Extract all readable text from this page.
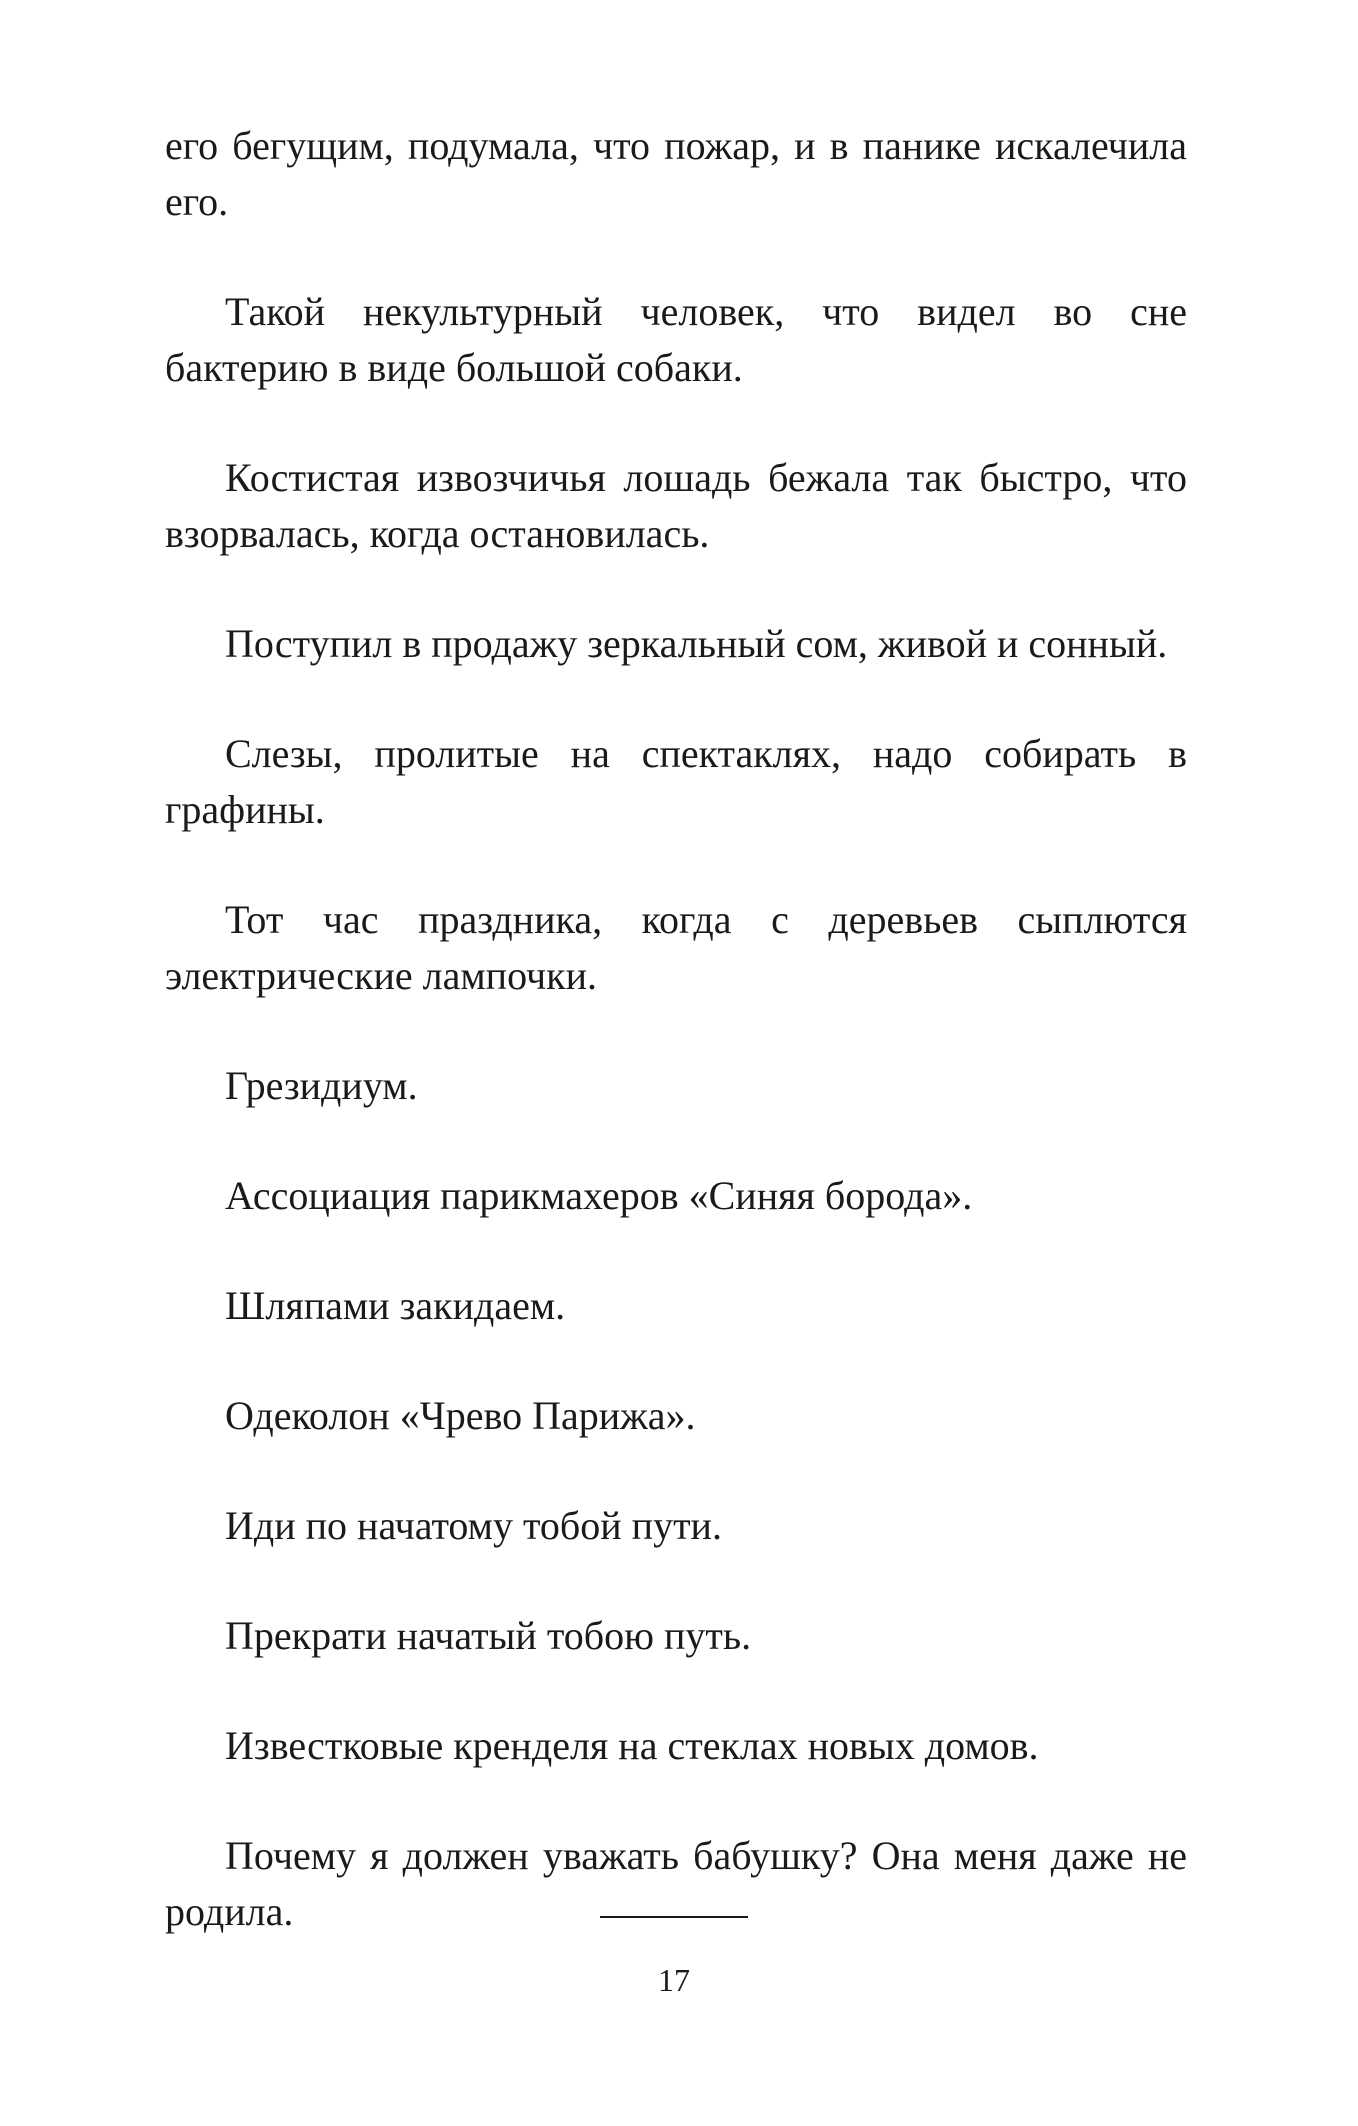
его бегущим, подумала, что пожар, и в панике искалечила его.

Такой некультурный человек, что видел во сне бактерию в виде большой собаки.

Костистая извозчичья лошадь бежала так быстро, что взорвалась, когда остановилась.

Поступил в продажу зеркальный сом, живой и сонный.

Слезы, пролитые на спектаклях, надо собирать в графины.

Тот час праздника, когда с деревьев сыплются электрические лампочки.

Грезидиум.

Ассоциация парикмахеров «Синяя борода».

Шляпами закидаем.

Одеколон «Чрево Парижа».

Иди по начатому тобой пути.

Прекрати начатый тобою путь.

Известковые кренделя на стеклах новых домов.

Почему я должен уважать бабушку? Она меня даже не родила.

17
